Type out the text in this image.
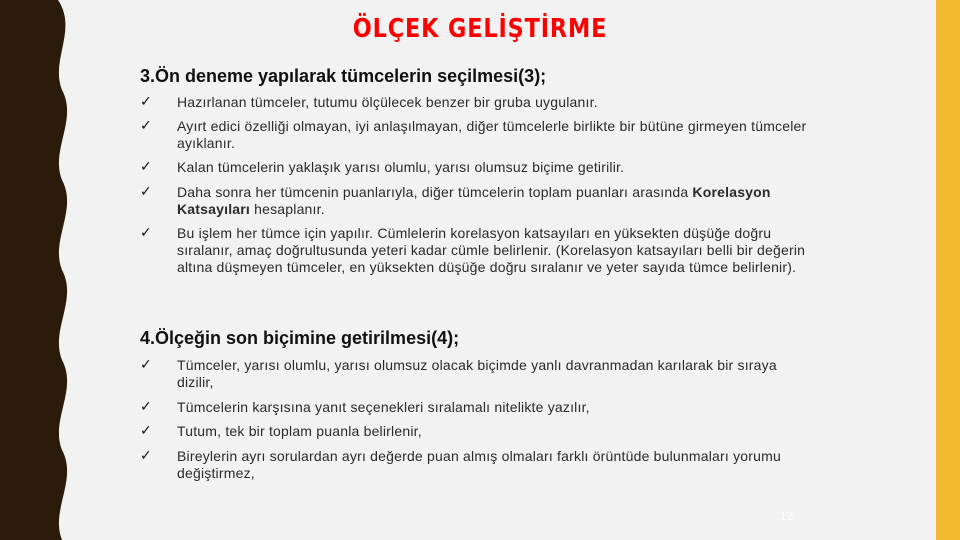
ÖLÇEK GELİŞTİRME
3.Ön deneme yapılarak tümcelerin seçilmesi(3);
✓ Hazırlanan tümceler, tutumu ölçülecek benzer bir gruba uygulanır.
✓ Ayırt edici özelliği olmayan, iyi anlaşılmayan, diğer tümcelerle birlikte bir bütüne girmeyen tümceler ayıklanır.
✓ Kalan tümcelerin yaklaşık yarısı olumlu, yarısı olumsuz biçime getirilir.
✓ Daha sonra her tümcenin puanlarıyla, diğer tümcelerin toplam puanları arasında Korelasyon Katsayıları hesaplanır.
✓ Bu işlem her tümce için yapılır. Cümlelerin korelasyon katsayıları en yüksekten düşüğe doğru sıralanır, amaç doğrultusunda yeteri kadar cümle belirlenir. (Korelasyon katsayıları belli bir değerin altına düşmeyen tümceler, en yüksekten düşüğe doğru sıralanır ve yeter sayıda tümce belirlenir).
4.Ölçeğin son biçimine getirilmesi(4);
✓ Tümceler, yarısı olumlu, yarısı olumsuz olacak biçimde yanlı davranmadan karılarak bir sıraya dizilir,
✓ Tümcelerin karşısına yanıt seçenekleri sıralamalı nitelikte yazılır,
✓ Tutum, tek bir toplam puanla belirlenir,
✓ Bireylerin ayrı sorulardan ayrı değerde puan almış olmaları farklı örüntüde bulunmaları yorumu değiştirmez,
12
